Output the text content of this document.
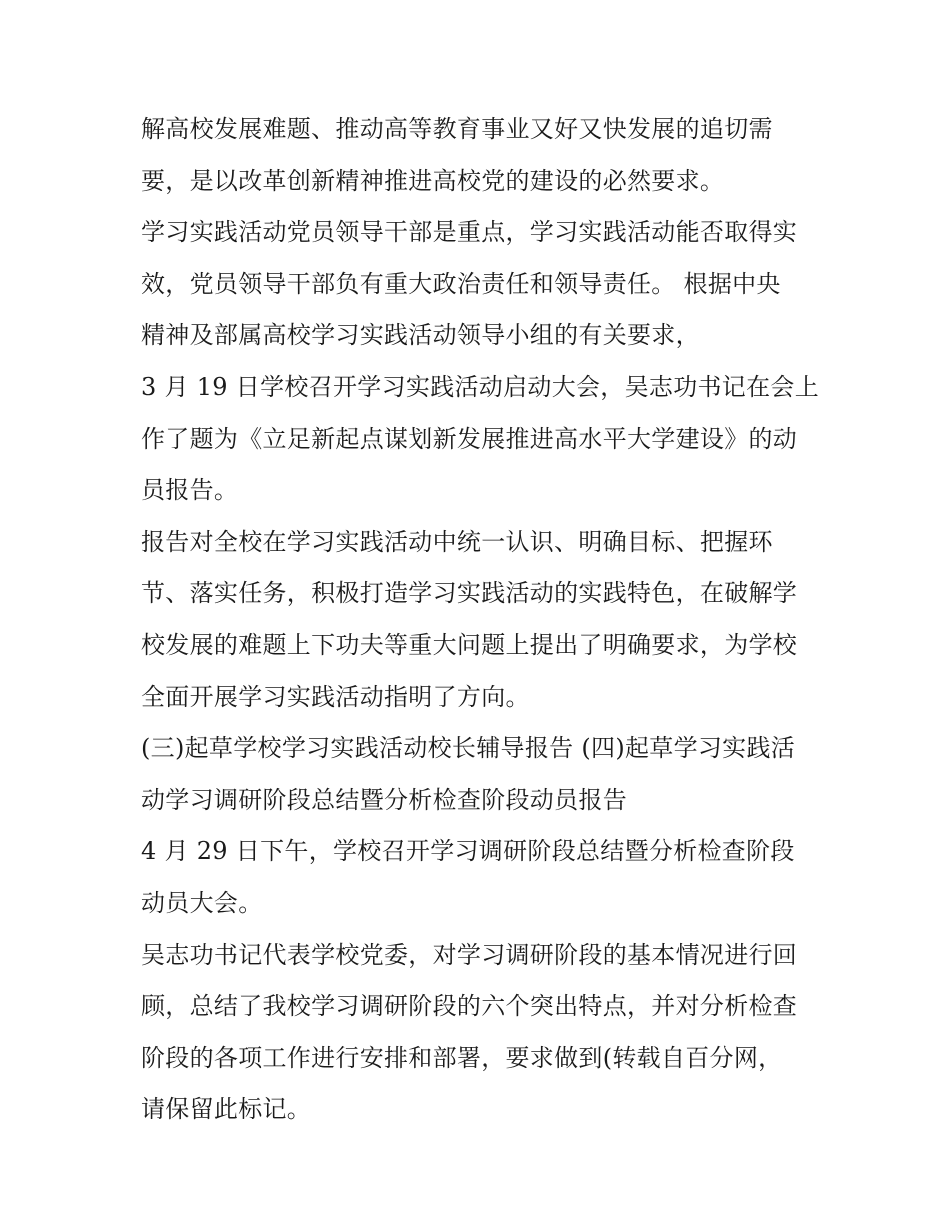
解高校发展难题、推动高等教育事业又好又快发展的追切需
要，是以改革创新精神推进高校党的建设的必然要求。
学习实践活动党员领导干部是重点，学习实践活动能否取得实
效，党员领导干部负有重大政治责任和领导责任。 根据中央
精神及部属高校学习实践活动领导小组的有关要求，
3 月 19 日学校召开学习实践活动启动大会，吴志功书记在会上
作了题为《立足新起点谋划新发展推进高水平大学建设》的动
员报告。
报告对全校在学习实践活动中统一认识、明确目标、把握环
节、落实任务，积极打造学习实践活动的实践特色，在破解学
校发展的难题上下功夫等重大问题上提出了明确要求，为学校
全面开展学习实践活动指明了方向。
(三)起草学校学习实践活动校长辅导报告 (四)起草学习实践活
动学习调研阶段总结暨分析检查阶段动员报告
4 月 29 日下午，学校召开学习调研阶段总结暨分析检查阶段
动员大会。
吴志功书记代表学校党委，对学习调研阶段的基本情况进行回
顾，总结了我校学习调研阶段的六个突出特点，并对分析检查
阶段的各项工作进行安排和部署，要求做到(转载自百分网，
请保留此标记。
